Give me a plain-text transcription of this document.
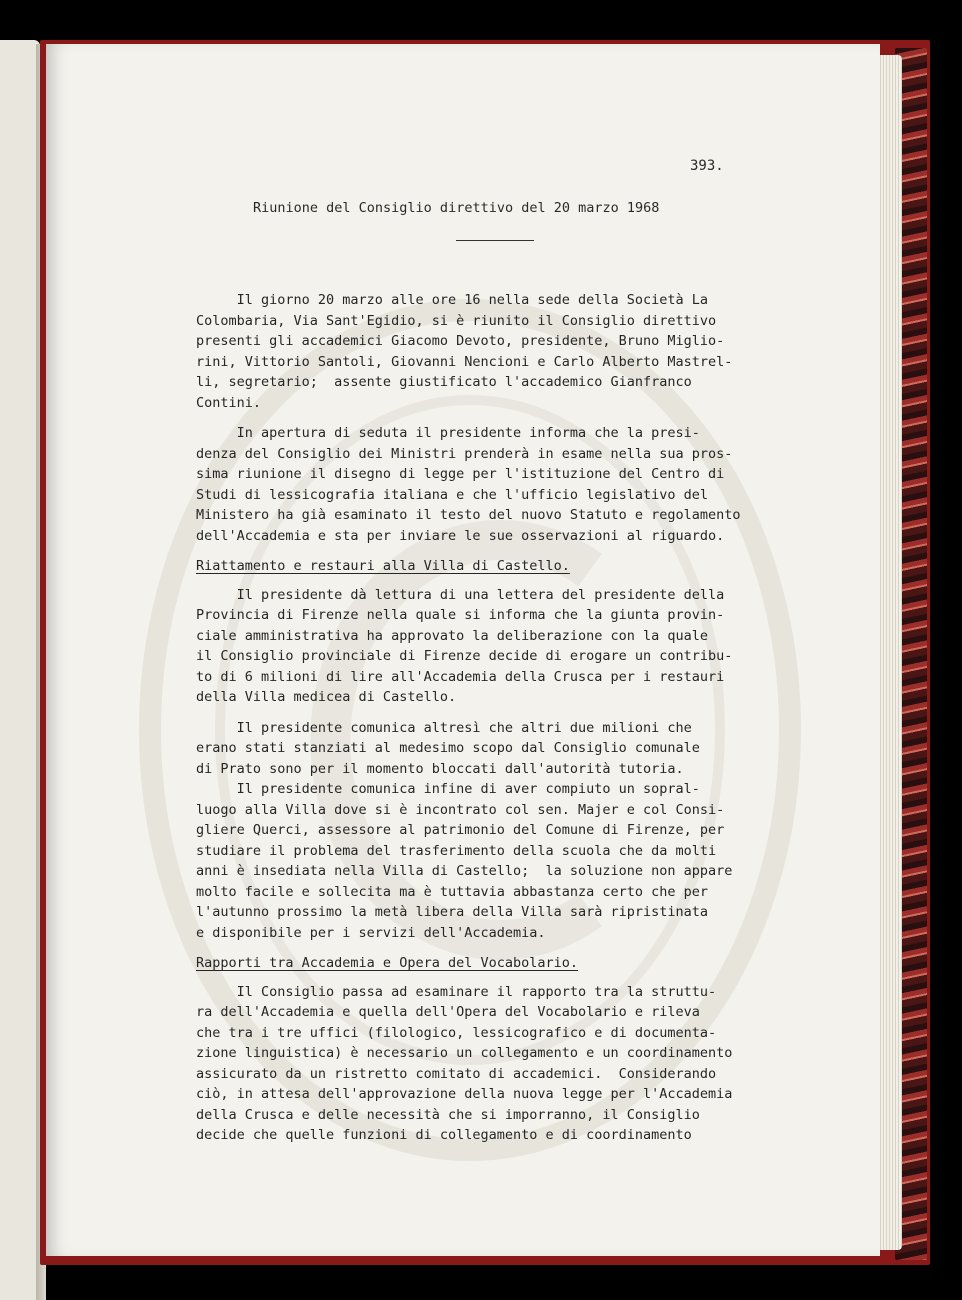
393.
Riunione del Consiglio direttivo del 20 marzo 1968

Il giorno 20 marzo alle ore 16 nella sede della Società La
Colombaria, Via Sant'Egidio, si è riunito il Consiglio direttivo
presenti gli accademici Giacomo Devoto, presidente, Bruno Miglio-
rini, Vittorio Santoli, Giovanni Nencioni e Carlo Alberto Mastrel-
li, segretario;  assente giustificato l'accademico Gianfranco
Contini.

In apertura di seduta il presidente informa che la presi-
denza del Consiglio dei Ministri prenderà in esame nella sua pros-
sima riunione il disegno di legge per l'istituzione del Centro di
Studi di lessicografia italiana e che l'ufficio legislativo del
Ministero ha già esaminato il testo del nuovo Statuto e regolamento
dell'Accademia e sta per inviare le sue osservazioni al riguardo.

Riattamento e restauri alla Villa di Castello.

Il presidente dà lettura di una lettera del presidente della
Provincia di Firenze nella quale si informa che la giunta provin-
ciale amministrativa ha approvato la deliberazione con la quale
il Consiglio provinciale di Firenze decide di erogare un contribu-
to di 6 milioni di lire all'Accademia della Crusca per i restauri
della Villa medicea di Castello.

Il presidente comunica altresì che altri due milioni che
erano stati stanziati al medesimo scopo dal Consiglio comunale
di Prato sono per il momento bloccati dall'autorità tutoria.

Il presidente comunica infine di aver compiuto un sopral-
luogo alla Villa dove si è incontrato col sen. Majer e col Consi-
gliere Querci, assessore al patrimonio del Comune di Firenze, per
studiare il problema del trasferimento della scuola che da molti
anni è insediata nella Villa di Castello;  la soluzione non appare
molto facile e sollecita ma è tuttavia abbastanza certo che per
l'autunno prossimo la metà libera della Villa sarà ripristinata
e disponibile per i servizi dell'Accademia.

Rapporti tra Accademia e Opera del Vocabolario.

Il Consiglio passa ad esaminare il rapporto tra la struttu-
ra dell'Accademia e quella dell'Opera del Vocabolario e rileva
che tra i tre uffici (filologico, lessicografico e di documenta-
zione linguistica) è necessario un collegamento e un coordinamento
assicurato da un ristretto comitato di accademici.  Considerando
ciò, in attesa dell'approvazione della nuova legge per l'Accademia
della Crusca e delle necessità che si imporranno, il Consiglio
decide che quelle funzioni di collegamento e di coordinamento
